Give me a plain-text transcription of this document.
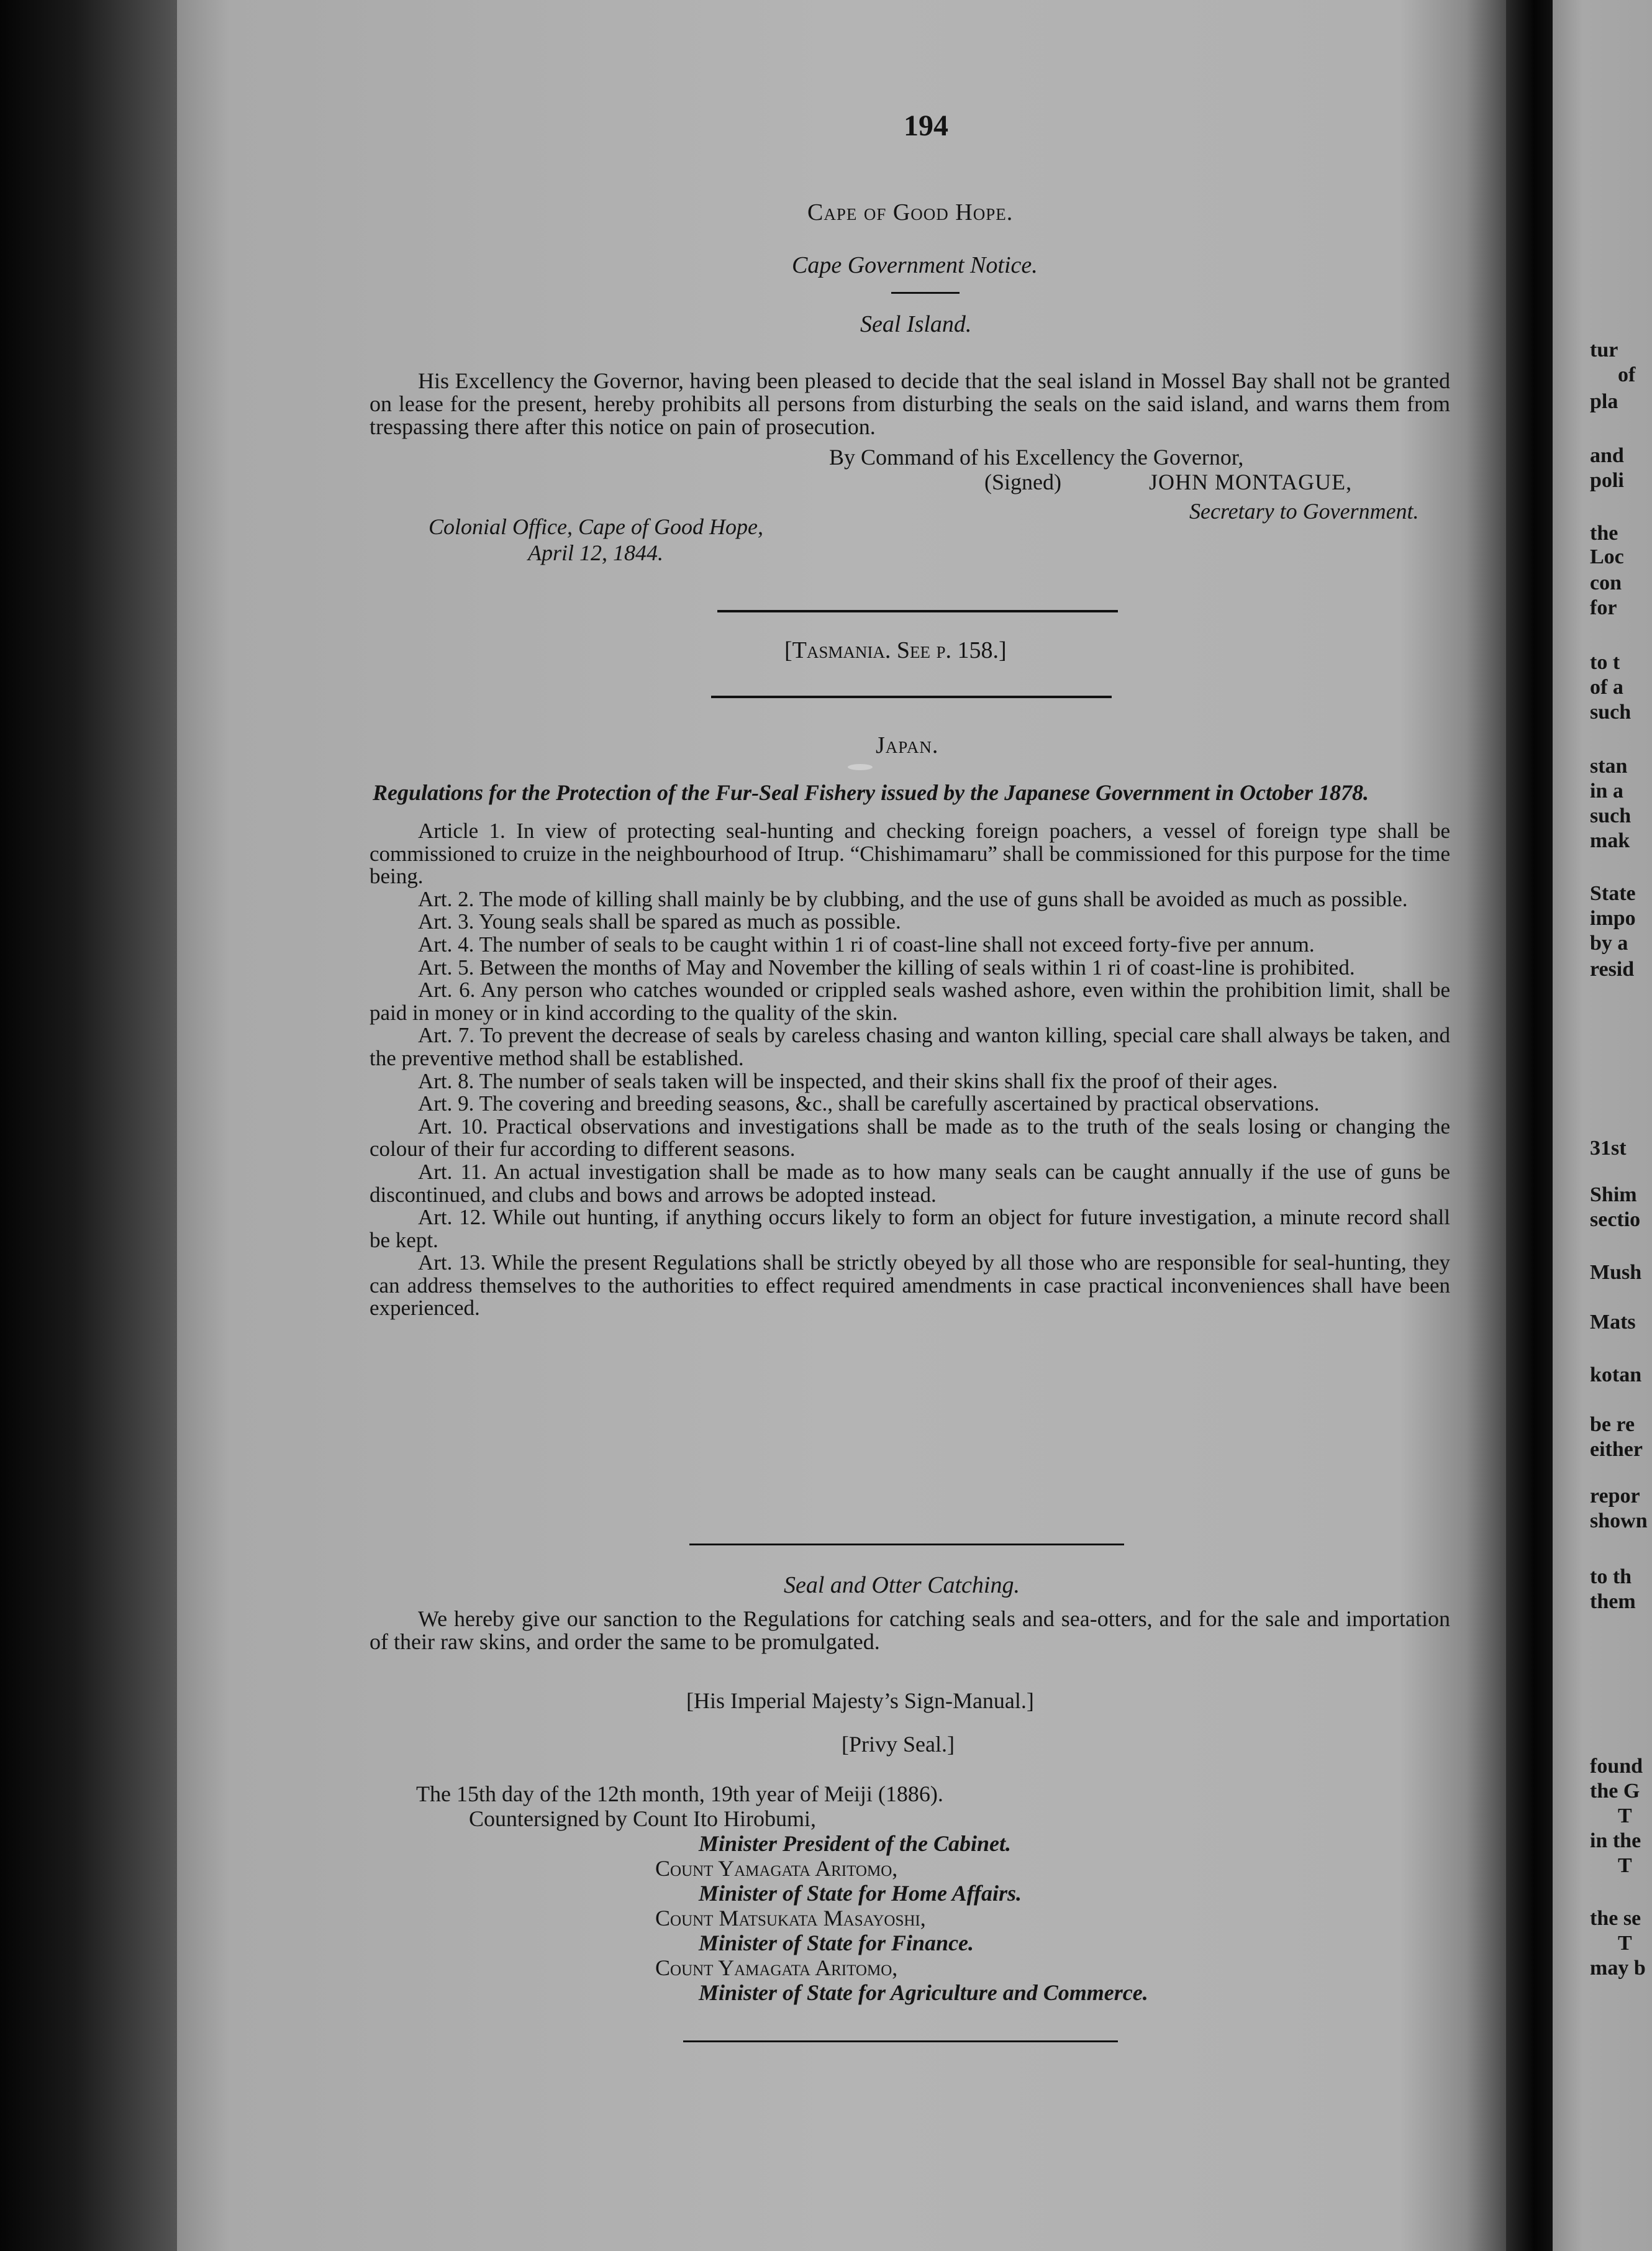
194
Cape of Good Hope.
Cape Government Notice.
Seal Island.
His Excellency the Governor, having been pleased to decide that the seal island in Mossel Bay shall not be granted on lease for the present, hereby prohibits all persons from disturbing the seals on the said island, and warns them from trespassing there after this notice on pain of prosecution.
By Command of his Excellency the Governor,
(Signed)	JOHN MONTAGUE,
Secretary to Government.
Colonial Office, Cape of Good Hope,
April 12, 1844.
[Tasmania. See p. 158.]
Japan.
Regulations for the Protection of the Fur-Seal Fishery issued by the Japanese Government in October 1878.
Article 1. In view of protecting seal-hunting and checking foreign poachers, a vessel of foreign type shall be commissioned to cruize in the neighbourhood of Itrup. “Chishimamaru” shall be commissioned for this purpose for the time being.
Art. 2. The mode of killing shall mainly be by clubbing, and the use of guns shall be avoided as much as possible.
Art. 3. Young seals shall be spared as much as possible.
Art. 4. The number of seals to be caught within 1 ri of coast-line shall not exceed forty-five per annum.
Art. 5. Between the months of May and November the killing of seals within 1 ri of coast-line is prohibited.
Art. 6. Any person who catches wounded or crippled seals washed ashore, even within the prohibition limit, shall be paid in money or in kind according to the quality of the skin.
Art. 7. To prevent the decrease of seals by careless chasing and wanton killing, special care shall always be taken, and the preventive method shall be established.
Art. 8. The number of seals taken will be inspected, and their skins shall fix the proof of their ages.
Art. 9. The covering and breeding seasons, &c., shall be carefully ascertained by practical observations.
Art. 10. Practical observations and investigations shall be made as to the truth of the seals losing or changing the colour of their fur according to different seasons.
Art. 11. An actual investigation shall be made as to how many seals can be caught annually if the use of guns be discontinued, and clubs and bows and arrows be adopted instead.
Art. 12. While out hunting, if anything occurs likely to form an object for future investigation, a minute record shall be kept.
Art. 13. While the present Regulations shall be strictly obeyed by all those who are responsible for seal-hunting, they can address themselves to the authorities to effect required amendments in case practical inconveniences shall have been experienced.
Seal and Otter Catching.
We hereby give our sanction to the Regulations for catching seals and sea-otters, and for the sale and importation of their raw skins, and order the same to be promulgated.
[His Imperial Majesty’s Sign-Manual.]
[Privy Seal.]
The 15th day of the 12th month, 19th year of Meiji (1886).
Countersigned by Count Ito Hirobumi,
Minister President of the Cabinet.
Count Yamagata Aritomo,
Minister of State for Home Affairs.
Count Matsukata Masayoshi,
Minister of State for Finance.
Count Yamagata Aritomo,
Minister of State for Agriculture and Commerce.
tur
of
pla
and
poli
the
Loc
con
for
to t
of a
such
stan
in a
such
mak
State
impo
by a
resid
31st
Shim
sectio
Mush
Mats
kotan
be re
either
repor
shown
to th
them
found
the G
T
in the
T
the se
T
may b
